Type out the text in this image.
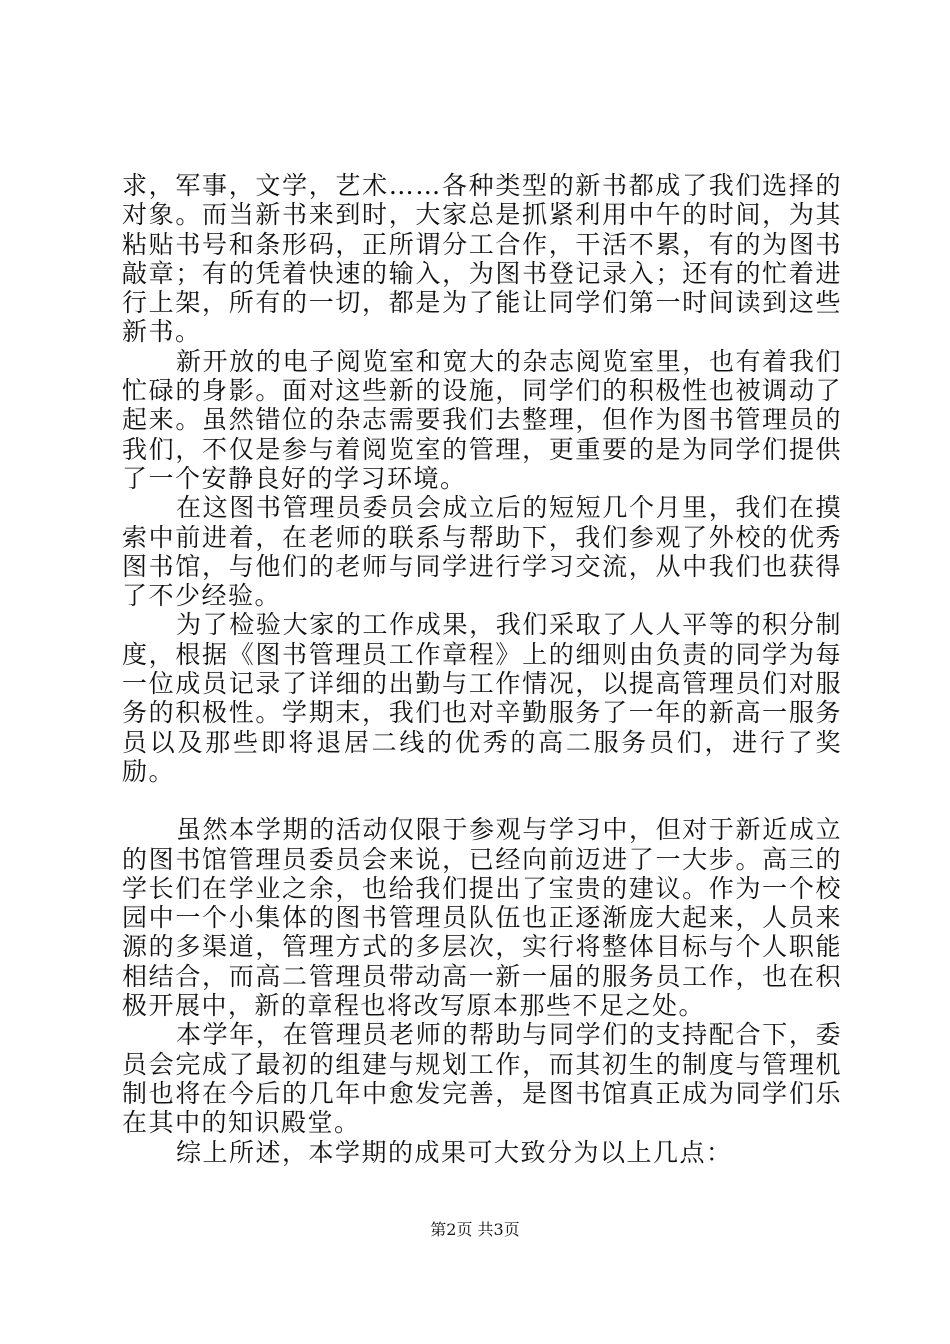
求，军事，文学，艺术……各种类型的新书都成了我们选择的对象。而当新书来到时，大家总是抓紧利用中午的时间，为其粘贴书号和条形码，正所谓分工合作，干活不累，有的为图书敲章；有的凭着快速的输入，为图书登记录入；还有的忙着进行上架，所有的一切，都是为了能让同学们第一时间读到这些新书。

新开放的电子阅览室和宽大的杂志阅览室里，也有着我们忙碌的身影。面对这些新的设施，同学们的积极性也被调动了起来。虽然错位的杂志需要我们去整理，但作为图书管理员的我们，不仅是参与着阅览室的管理，更重要的是为同学们提供了一个安静良好的学习环境。

在这图书管理员委员会成立后的短短几个月里，我们在摸索中前进着，在老师的联系与帮助下，我们参观了外校的优秀图书馆，与他们的老师与同学进行学习交流，从中我们也获得了不少经验。

为了检验大家的工作成果，我们采取了人人平等的积分制度，根据《图书管理员工作章程》上的细则由负责的同学为每一位成员记录了详细的出勤与工作情况，以提高管理员们对服务的积极性。学期末，我们也对辛勤服务了一年的新高一服务员以及那些即将退居二线的优秀的高二服务员们，进行了奖励。

虽然本学期的活动仅限于参观与学习中，但对于新近成立的图书馆管理员委员会来说，已经向前迈进了一大步。高三的学长们在学业之余，也给我们提出了宝贵的建议。作为一个校园中一个小集体的图书管理员队伍也正逐渐庞大起来，人员来源的多渠道，管理方式的多层次，实行将整体目标与个人职能相结合，而高二管理员带动高一新一届的服务员工作，也在积极开展中，新的章程也将改写原本那些不足之处。

本学年，在管理员老师的帮助与同学们的支持配合下，委员会完成了最初的组建与规划工作，而其初生的制度与管理机制也将在今后的几年中愈发完善，是图书馆真正成为同学们乐在其中的知识殿堂。

综上所述，本学期的成果可大致分为以上几点：

第2页 共3页
